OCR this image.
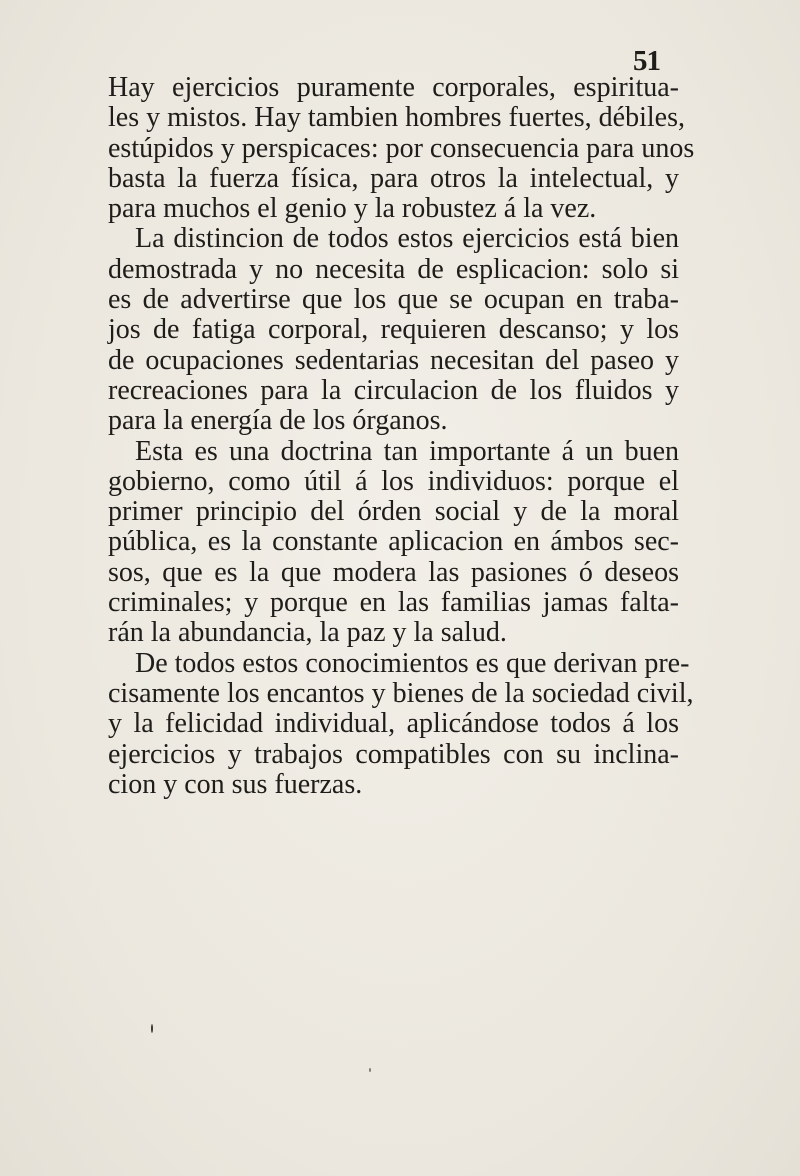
51
Hay ejercicios puramente corporales, espiritua-
les y mistos. Hay tambien hombres fuertes, débiles,
estúpidos y perspicaces: por consecuencia para unos
basta la fuerza física, para otros la intelectual, y
para muchos el genio y la robustez á la vez.
La distincion de todos estos ejercicios está bien
demostrada y no necesita de esplicacion: solo si
es de advertirse que los que se ocupan en traba-
jos de fatiga corporal, requieren descanso; y los
de ocupaciones sedentarias necesitan del paseo y
recreaciones para la circulacion de los fluidos y
para la energía de los órganos.
Esta es una doctrina tan importante á un buen
gobierno, como útil á los individuos: porque el
primer principio del órden social y de la moral
pública, es la constante aplicacion en ámbos sec-
sos, que es la que modera las pasiones ó deseos
criminales; y porque en las familias jamas falta-
rán la abundancia, la paz y la salud.
De todos estos conocimientos es que derivan pre-
cisamente los encantos y bienes de la sociedad civil,
y la felicidad individual, aplicándose todos á los
ejercicios y trabajos compatibles con su inclina-
cion y con sus fuerzas.
